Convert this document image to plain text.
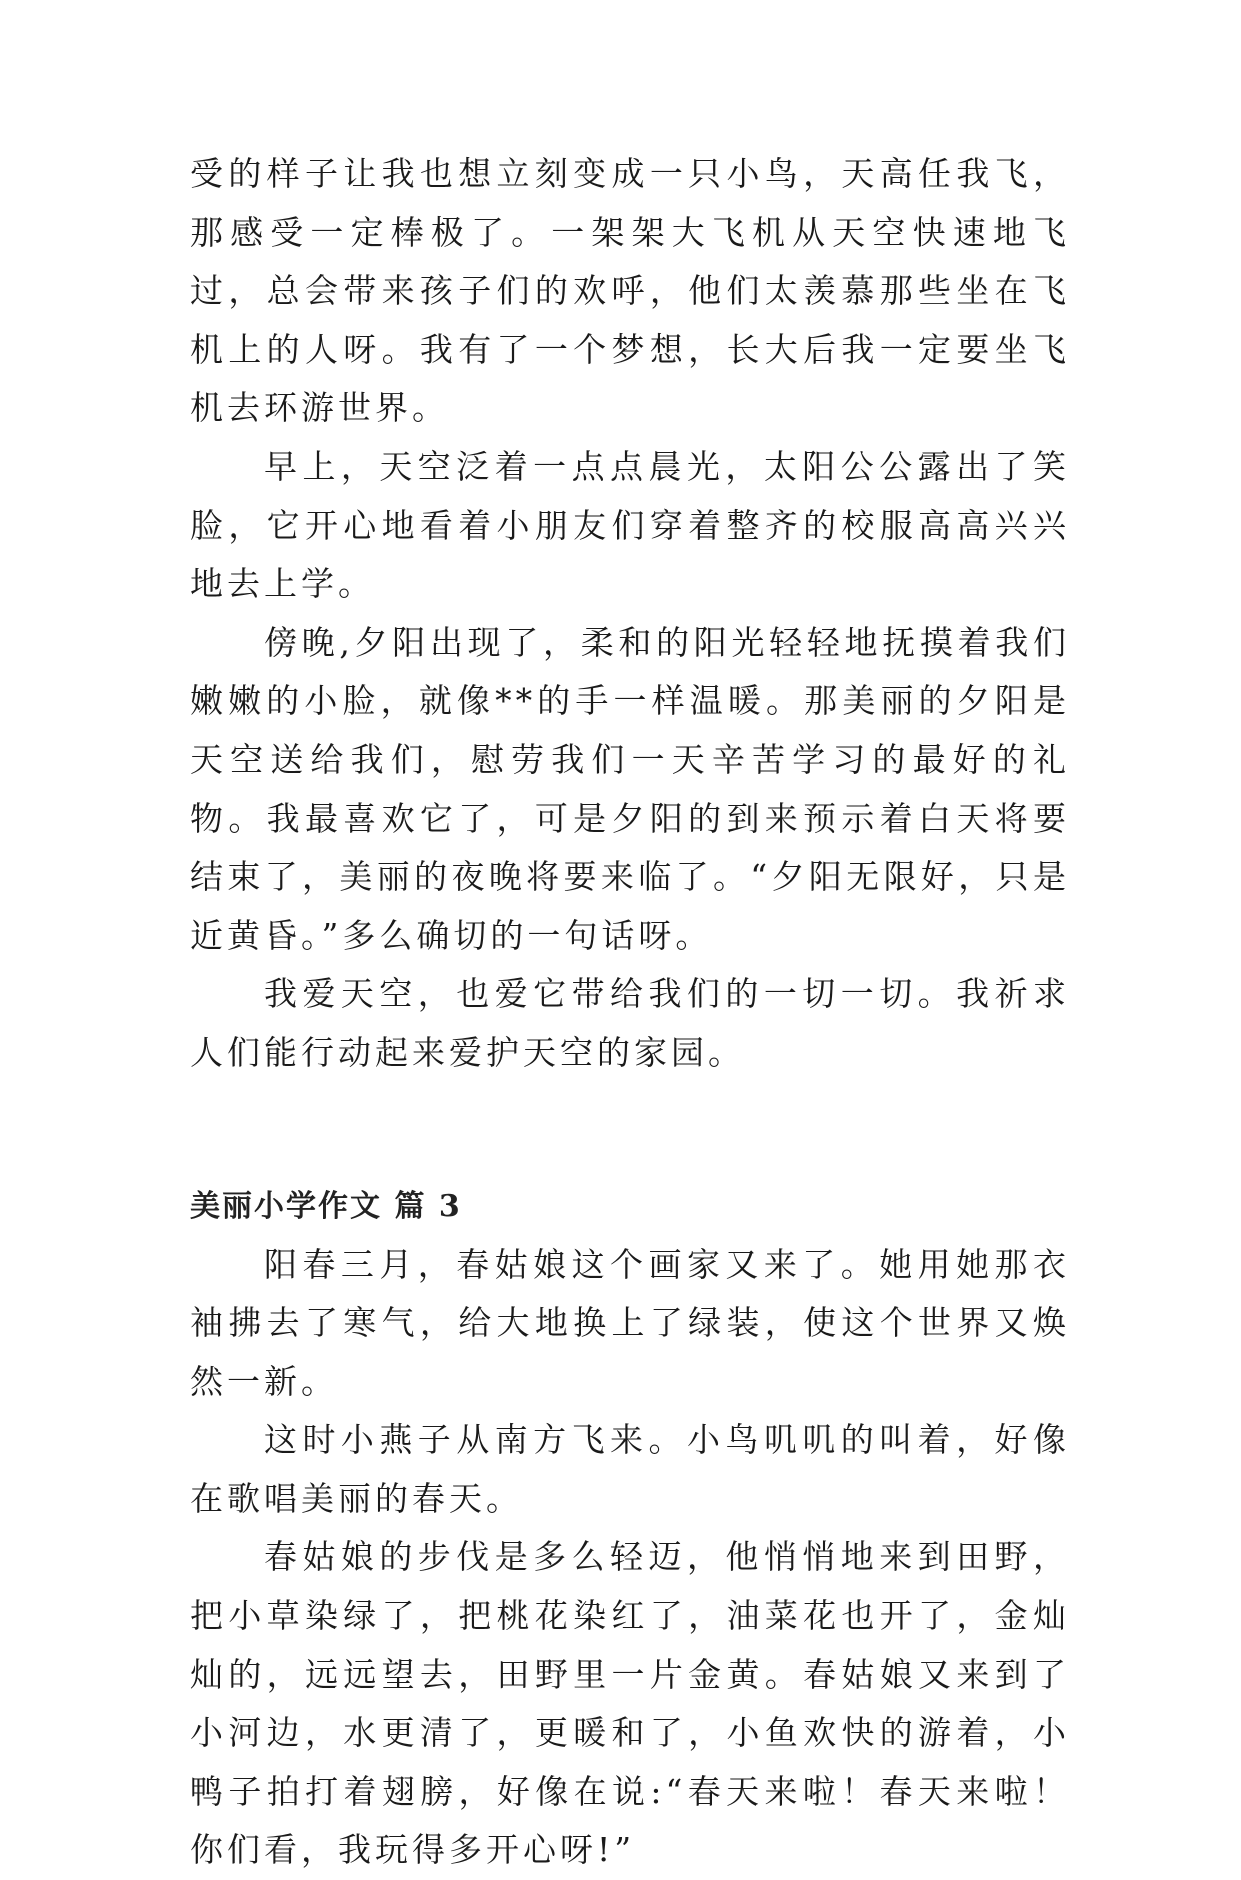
受的样子让我也想立刻变成一只小鸟，天高任我飞，那感受一定棒极了。一架架大飞机从天空快速地飞过，总会带来孩子们的欢呼，他们太羡慕那些坐在飞机上的人呀。我有了一个梦想，长大后我一定要坐飞机去环游世界。

早上，天空泛着一点点晨光，太阳公公露出了笑脸，它开心地看着小朋友们穿着整齐的校服高高兴兴地去上学。

傍晚,夕阳出现了，柔和的阳光轻轻地抚摸着我们嫩嫩的小脸，就像**的手一样温暖。那美丽的夕阳是天空送给我们，慰劳我们一天辛苦学习的最好的礼物。我最喜欢它了，可是夕阳的到来预示着白天将要结束了，美丽的夜晚将要来临了。“夕阳无限好，只是近黄昏。”多么确切的一句话呀。

我爱天空，也爱它带给我们的一切一切。我祈求人们能行动起来爱护天空的家园。

美丽小学作文 篇 3

阳春三月，春姑娘这个画家又来了。她用她那衣袖拂去了寒气，给大地换上了绿装，使这个世界又焕然一新。

这时小燕子从南方飞来。小鸟叽叽的叫着，好像在歌唱美丽的春天。

春姑娘的步伐是多么轻迈，他悄悄地来到田野，把小草染绿了，把桃花染红了，油菜花也开了，金灿灿的，远远望去，田野里一片金黄。春姑娘又来到了小河边，水更清了，更暖和了，小鱼欢快的游着，小鸭子拍打着翅膀，好像在说:“春天来啦！春天来啦！你们看，我玩得多开心呀!”
